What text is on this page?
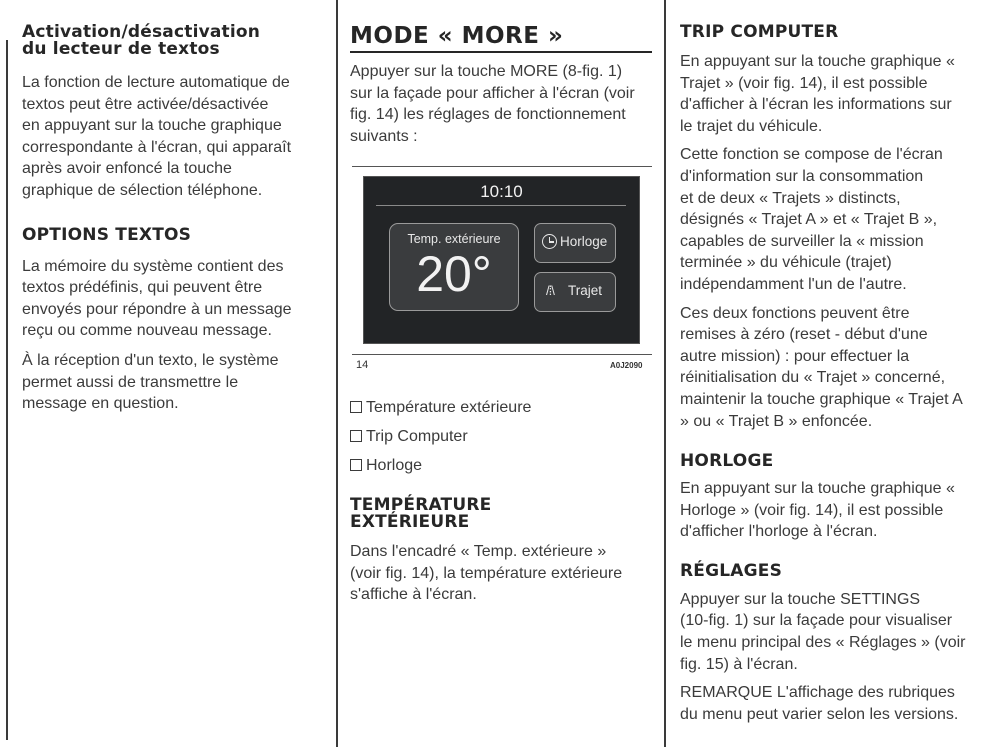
Activation/désactivation
du lecteur de textos

La fonction de lecture automatique de
textos peut être activée/désactivée
en appuyant sur la touche graphique
correspondante à l'écran, qui apparaît
après avoir enfoncé la touche
graphique de sélection téléphone.

OPTIONS TEXTOS

La mémoire du système contient des
textos prédéfinis, qui peuvent être
envoyés pour répondre à un message
reçu ou comme nouveau message.

À la réception d'un texto, le système
permet aussi de transmettre le
message en question.

MODE « MORE »

Appuyer sur la touche MORE (8-fig. 1)
sur la façade pour afficher à l'écran (voir
fig. 14) les réglages de fonctionnement
suivants :

10:10
Temp. extérieure
20°
Horloge
/⁞\ Trajet
14	A0J2090
Température extérieure
Trip Computer
Horloge
TEMPÉRATURE
EXTÉRIEURE

Dans l'encadré « Temp. extérieure »
(voir fig. 14), la température extérieure
s'affiche à l'écran.

TRIP COMPUTER

En appuyant sur la touche graphique «
Trajet » (voir fig. 14), il est possible
d'afficher à l'écran les informations sur
le trajet du véhicule.

Cette fonction se compose de l'écran
d'information sur la consommation
et de deux « Trajets » distincts,
désignés « Trajet A » et « Trajet B »,
capables de surveiller la « mission
terminée » du véhicule (trajet)
indépendamment l'un de l'autre.

Ces deux fonctions peuvent être
remises à zéro (reset - début d'une
autre mission) : pour effectuer la
réinitialisation du « Trajet » concerné,
maintenir la touche graphique « Trajet A
» ou « Trajet B » enfoncée.

HORLOGE

En appuyant sur la touche graphique «
Horloge » (voir fig. 14), il est possible
d'afficher l'horloge à l'écran.

RÉGLAGES

Appuyer sur la touche SETTINGS
(10-fig. 1) sur la façade pour visualiser
le menu principal des « Réglages » (voir
fig. 15) à l'écran.

REMARQUE L'affichage des rubriques
du menu peut varier selon les versions.
